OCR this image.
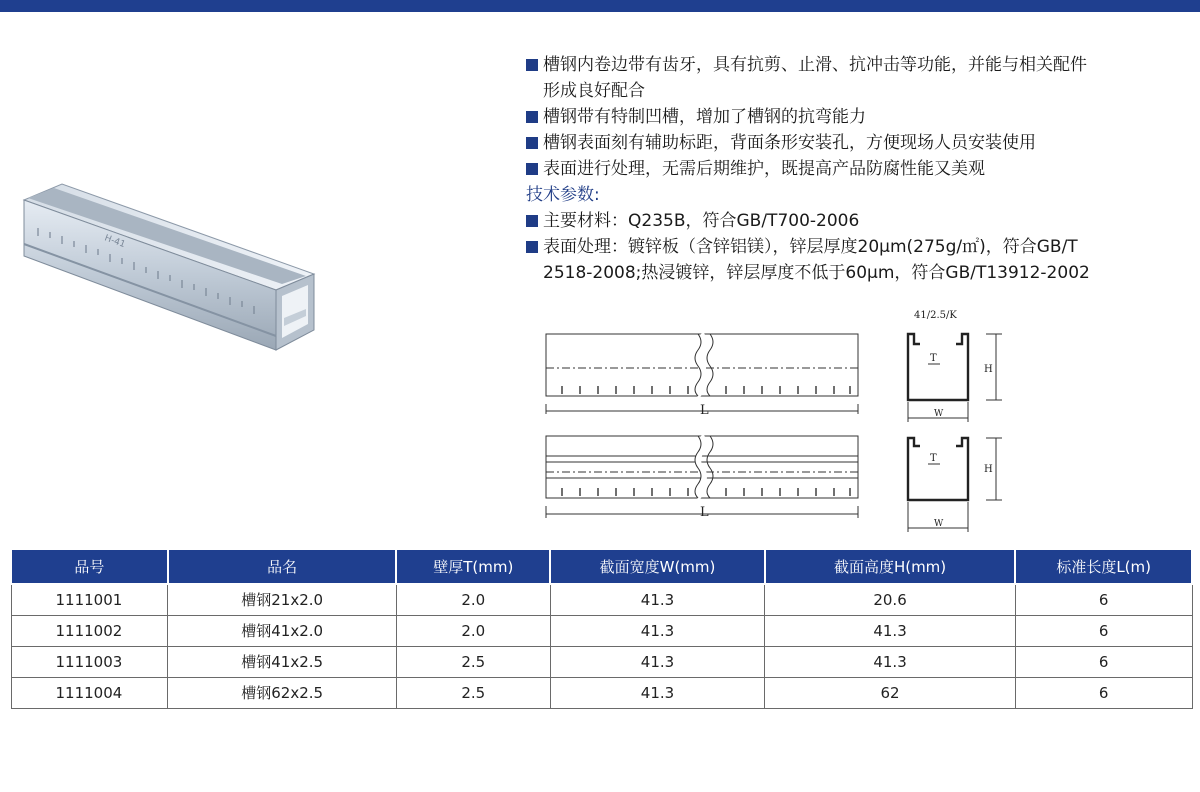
H-41
槽钢内卷边带有齿牙，具有抗剪、止滑、抗冲击等功能，并能与相关配件
形成良好配合
槽钢带有特制凹槽，增加了槽钢的抗弯能力
槽钢表面刻有辅助标距，背面条形安装孔，方便现场人员安装使用
表面进行处理，无需后期维护，既提高产品防腐性能又美观
技术参数:
主要材料：Q235B，符合GB/T700-2006
表面处理：镀锌板（含锌铝镁），锌层厚度20μm(275g/㎡)，符合GB/T
2518-2008;热浸镀锌，锌层厚度不低于60μm，符合GB/T13912-2002
L
L
41/2.5/K
H
T
W
H
T
W
品号	品名	壁厚T(mm)	截面宽度W(mm)	截面高度H(mm)	标准长度L(m)
1111001	槽钢21x2.0	2.0	41.3	20.6	6
1111002	槽钢41x2.0	2.0	41.3	41.3	6
1111003	槽钢41x2.5	2.5	41.3	41.3	6
1111004	槽钢62x2.5	2.5	41.3	62	6
